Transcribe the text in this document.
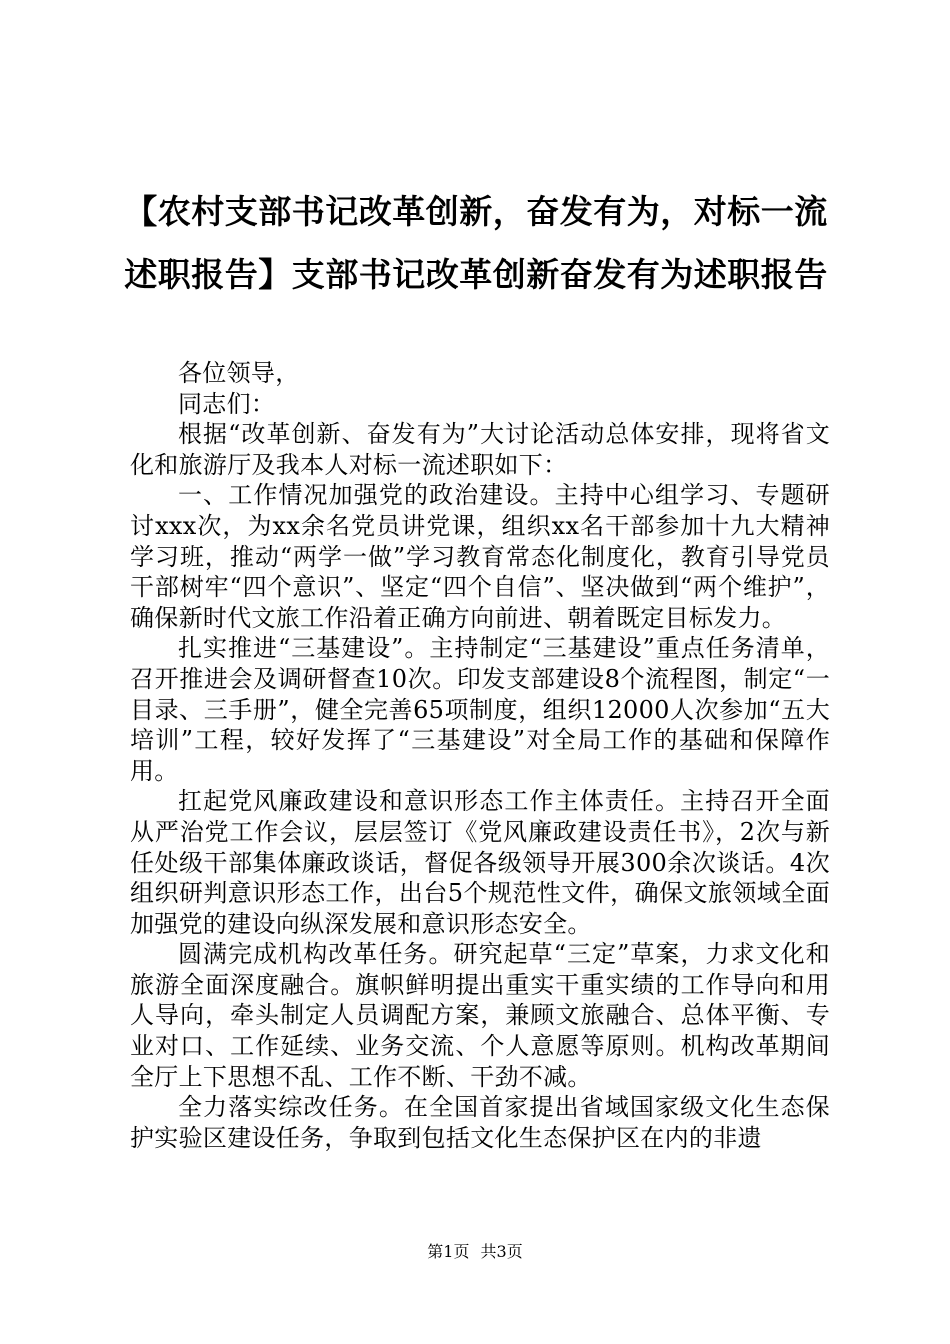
【农村支部书记改革创新，奋发有为，对标一流述职报告】支部书记改革创新奋发有为述职报告

各位领导，

同志们：

根据“改革创新、奋发有为”大讨论活动总体安排，现将省文化和旅游厅及我本人对标一流述职如下：

一、工作情况加强党的政治建设。主持中心组学习、专题研讨xxx次，为xx余名党员讲党课，组织xx名干部参加十九大精神学习班，推动“两学一做”学习教育常态化制度化，教育引导党员干部树牢“四个意识”、坚定“四个自信”、坚决做到“两个维护”，确保新时代文旅工作沿着正确方向前进、朝着既定目标发力。

扎实推进“三基建设”。主持制定“三基建设”重点任务清单，召开推进会及调研督查10次。印发支部建设8个流程图，制定“一目录、三手册”，健全完善65项制度，组织12000人次参加“五大培训”工程，较好发挥了“三基建设”对全局工作的基础和保障作用。

扛起党风廉政建设和意识形态工作主体责任。主持召开全面从严治党工作会议，层层签订《党风廉政建设责任书》，2次与新任处级干部集体廉政谈话，督促各级领导开展300余次谈话。4次组织研判意识形态工作，出台5个规范性文件，确保文旅领域全面加强党的建设向纵深发展和意识形态安全。

圆满完成机构改革任务。研究起草“三定”草案，力求文化和旅游全面深度融合。旗帜鲜明提出重实干重实绩的工作导向和用人导向，牵头制定人员调配方案，兼顾文旅融合、总体平衡、专业对口、工作延续、业务交流、个人意愿等原则。机构改革期间全厅上下思想不乱、工作不断、干劲不减。

全力落实综改任务。在全国首家提出省域国家级文化生态保护实验区建设任务，争取到包括文化生态保护区在内的非遗

第1页 共3页
